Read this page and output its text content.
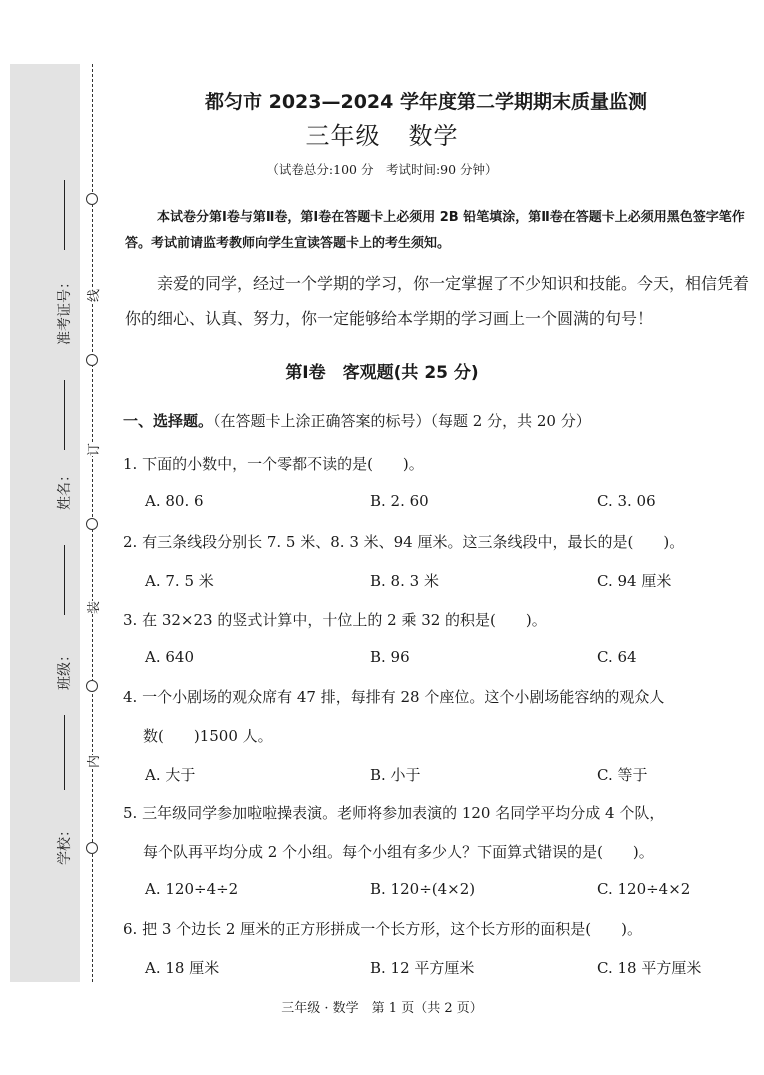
准考证号：
姓名：
班级：
学校：
线
订
装
内
都匀市 2023—2024 学年度第二学期期末质量监测
三年级 数学
（试卷总分:100 分　考试时间:90 分钟）
本试卷分第Ⅰ卷与第Ⅱ卷，第Ⅰ卷在答题卡上必须用 2B 铅笔填涂，第Ⅱ卷在答题卡上必须用黑色签字笔作答。考试前请监考教师向学生宣读答题卡上的考生须知。
亲爱的同学，经过一个学期的学习，你一定掌握了不少知识和技能。今天，相信凭着你的细心、认真、努力，你一定能够给本学期的学习画上一个圆满的句号！
第Ⅰ卷　客观题(共 25 分)
一、选择题。（在答题卡上涂正确答案的标号）（每题 2 分，共 20 分）
1. 下面的小数中，一个零都不读的是(　　)。
A. 80. 6	B. 2. 60	C. 3. 06
2. 有三条线段分别长 7. 5 米、8. 3 米、94 厘米。这三条线段中，最长的是(　　)。
A. 7. 5 米	B. 8. 3 米	C. 94 厘米
3. 在 32×23 的竖式计算中，十位上的 2 乘 32 的积是(　　)。
A. 640	B. 96	C. 64
4. 一个小剧场的观众席有 47 排，每排有 28 个座位。这个小剧场能容纳的观众人
数(　　)1500 人。
A. 大于	B. 小于	C. 等于
5. 三年级同学参加啦啦操表演。老师将参加表演的 120 名同学平均分成 4 个队，
每个队再平均分成 2 个小组。每个小组有多少人？下面算式错误的是(　　)。
A. 120÷4÷2	B. 120÷(4×2)	C. 120÷4×2
6. 把 3 个边长 2 厘米的正方形拼成一个长方形，这个长方形的面积是(　　)。
A. 18 厘米	B. 12 平方厘米	C. 18 平方厘米
三年级 · 数学　第 1 页（共 2 页）
